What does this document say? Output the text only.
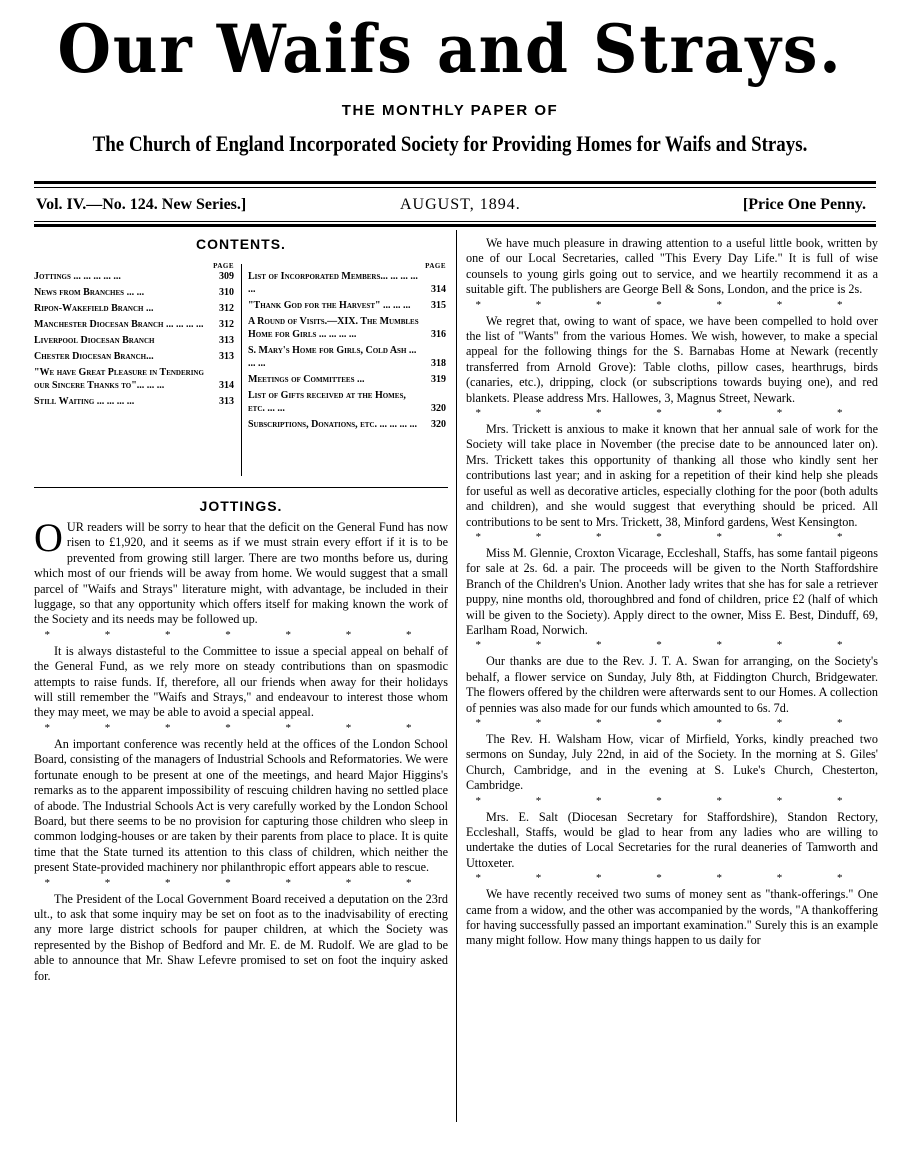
Our Waifs and Strays.
THE MONTHLY PAPER OF
The Church of England Incorporated Society for Providing Homes for Waifs and Strays.
Vol. IV.—No. 124. New Series.]	AUGUST, 1894.	[Price One Penny.
CONTENTS.
PAGE
Jottings ... ... ... ... ...	309
News from Branches ... ...	310
Ripon-Wakefield Branch ...	312
Manchester Diocesan Branch ... ... ... ... 312
Liverpool Diocesan Branch	313
Chester Diocesan Branch...	313
"We have Great Pleasure in Tendering our Sincere Thanks to"... ... ...	314
Still Waiting ... ... ... ...	313
PAGE
List of Incorporated Members... ... ... ... ...	314
"Thank God for the Harvest" ... ... ... 315
A Round of Visits.—XIX. The Mumbles Home for Girls ... ... ... ...	316
S. Mary's Home for Girls, Cold Ash ... ... ...	318
Meetings of Committees ...	319
List of Gifts received at the Homes, etc. ... ...	320
Subscriptions, Donations, etc. ... ... ... ... 320
JOTTINGS.

OUR readers will be sorry to hear that the deficit on the General Fund has now risen to £1,920, and it seems as if we must strain every effort if it is to be prevented from growing still larger. There are two months before us, during which most of our friends will be away from home. We would suggest that a small parcel of "Waifs and Strays" literature might, with advantage, be included in their luggage, so that any opportunity which offers itself for making known the work of the Society and its needs may be followed up.

* * * * * * *

It is always distasteful to the Committee to issue a special appeal on behalf of the General Fund, as we rely more on steady contributions than on spasmodic attempts to raise funds. If, therefore, all our friends when away for their holidays will still remember the "Waifs and Strays," and endeavour to interest those whom they may meet, we may be able to avoid a special appeal.

* * * * * * *

An important conference was recently held at the offices of the London School Board, consisting of the managers of Industrial Schools and Reformatories. We were fortunate enough to be present at one of the meetings, and heard Major Higgins's remarks as to the apparent impossibility of rescuing children having no settled place of abode. The Industrial Schools Act is very carefully worked by the London School Board, but there seems to be no provision for capturing those children who sleep in common lodging-houses or are taken by their parents from place to place. It is quite time that the State turned its attention to this class of children, which neither the present State-provided machinery nor philanthropic effort appears able to rescue.

* * * * * * *

The President of the Local Government Board received a deputation on the 23rd ult., to ask that some inquiry may be set on foot as to the inadvisability of erecting any more large district schools for pauper children, at which the Society was represented by the Bishop of Bedford and Mr. E. de M. Rudolf. We are glad to be able to announce that Mr. Shaw Lefevre promised to set on foot the inquiry asked for.

We have much pleasure in drawing attention to a useful little book, written by one of our Local Secretaries, called "This Every Day Life." It is full of wise counsels to young girls going out to service, and we heartily recommend it as a suitable gift. The publishers are George Bell & Sons, London, and the price is 2s.

* * * * * * *

We regret that, owing to want of space, we have been compelled to hold over the list of "Wants" from the various Homes. We wish, however, to make a special appeal for the following things for the S. Barnabas Home at Newark (recently transferred from Arnold Grove): Table cloths, pillow cases, hearthrugs, birds (canaries, etc.), dripping, clock (or subscriptions towards buying one), and red blankets. Please address Mrs. Hallowes, 3, Magnus Street, Newark.

* * * * * * *

Mrs. Trickett is anxious to make it known that her annual sale of work for the Society will take place in November (the precise date to be announced later on). Mrs. Trickett takes this opportunity of thanking all those who kindly sent her contributions last year; and in asking for a repetition of their kind help she pleads for useful as well as decorative articles, especially clothing for the poor (both adults and children), and she would suggest that everything should be priced. All contributions to be sent to Mrs. Trickett, 38, Minford gardens, West Kensington.

* * * * * * *

Miss M. Glennie, Croxton Vicarage, Eccleshall, Staffs, has some fantail pigeons for sale at 2s. 6d. a pair. The proceeds will be given to the North Staffordshire Branch of the Children's Union. Another lady writes that she has for sale a retriever puppy, nine months old, thoroughbred and fond of children, price £2 (half of which will be given to the Society). Apply direct to the owner, Miss E. Best, Dinduff, 69, Earlham Road, Norwich.

* * * * * * *

Our thanks are due to the Rev. J. T. A. Swan for arranging, on the Society's behalf, a flower service on Sunday, July 8th, at Fiddington Church, Bridgewater. The flowers offered by the children were afterwards sent to our Homes. A collection of pennies was also made for our funds which amounted to 6s. 7d.

* * * * * * *

The Rev. H. Walsham How, vicar of Mirfield, Yorks, kindly preached two sermons on Sunday, July 22nd, in aid of the Society. In the morning at S. Giles' Church, Cambridge, and in the evening at S. Luke's Church, Chesterton, Cambridge.

* * * * * * *

Mrs. E. Salt (Diocesan Secretary for Staffordshire), Standon Rectory, Eccleshall, Staffs, would be glad to hear from any ladies who are willing to undertake the duties of Local Secretaries for the rural deaneries of Tamworth and Uttoxeter.

* * * * * * *

We have recently received two sums of money sent as "thank-offerings." One came from a widow, and the other was accompanied by the words, "A thankoffering for having successfully passed an important examination." Surely this is an example many might follow. How many things happen to us daily for
